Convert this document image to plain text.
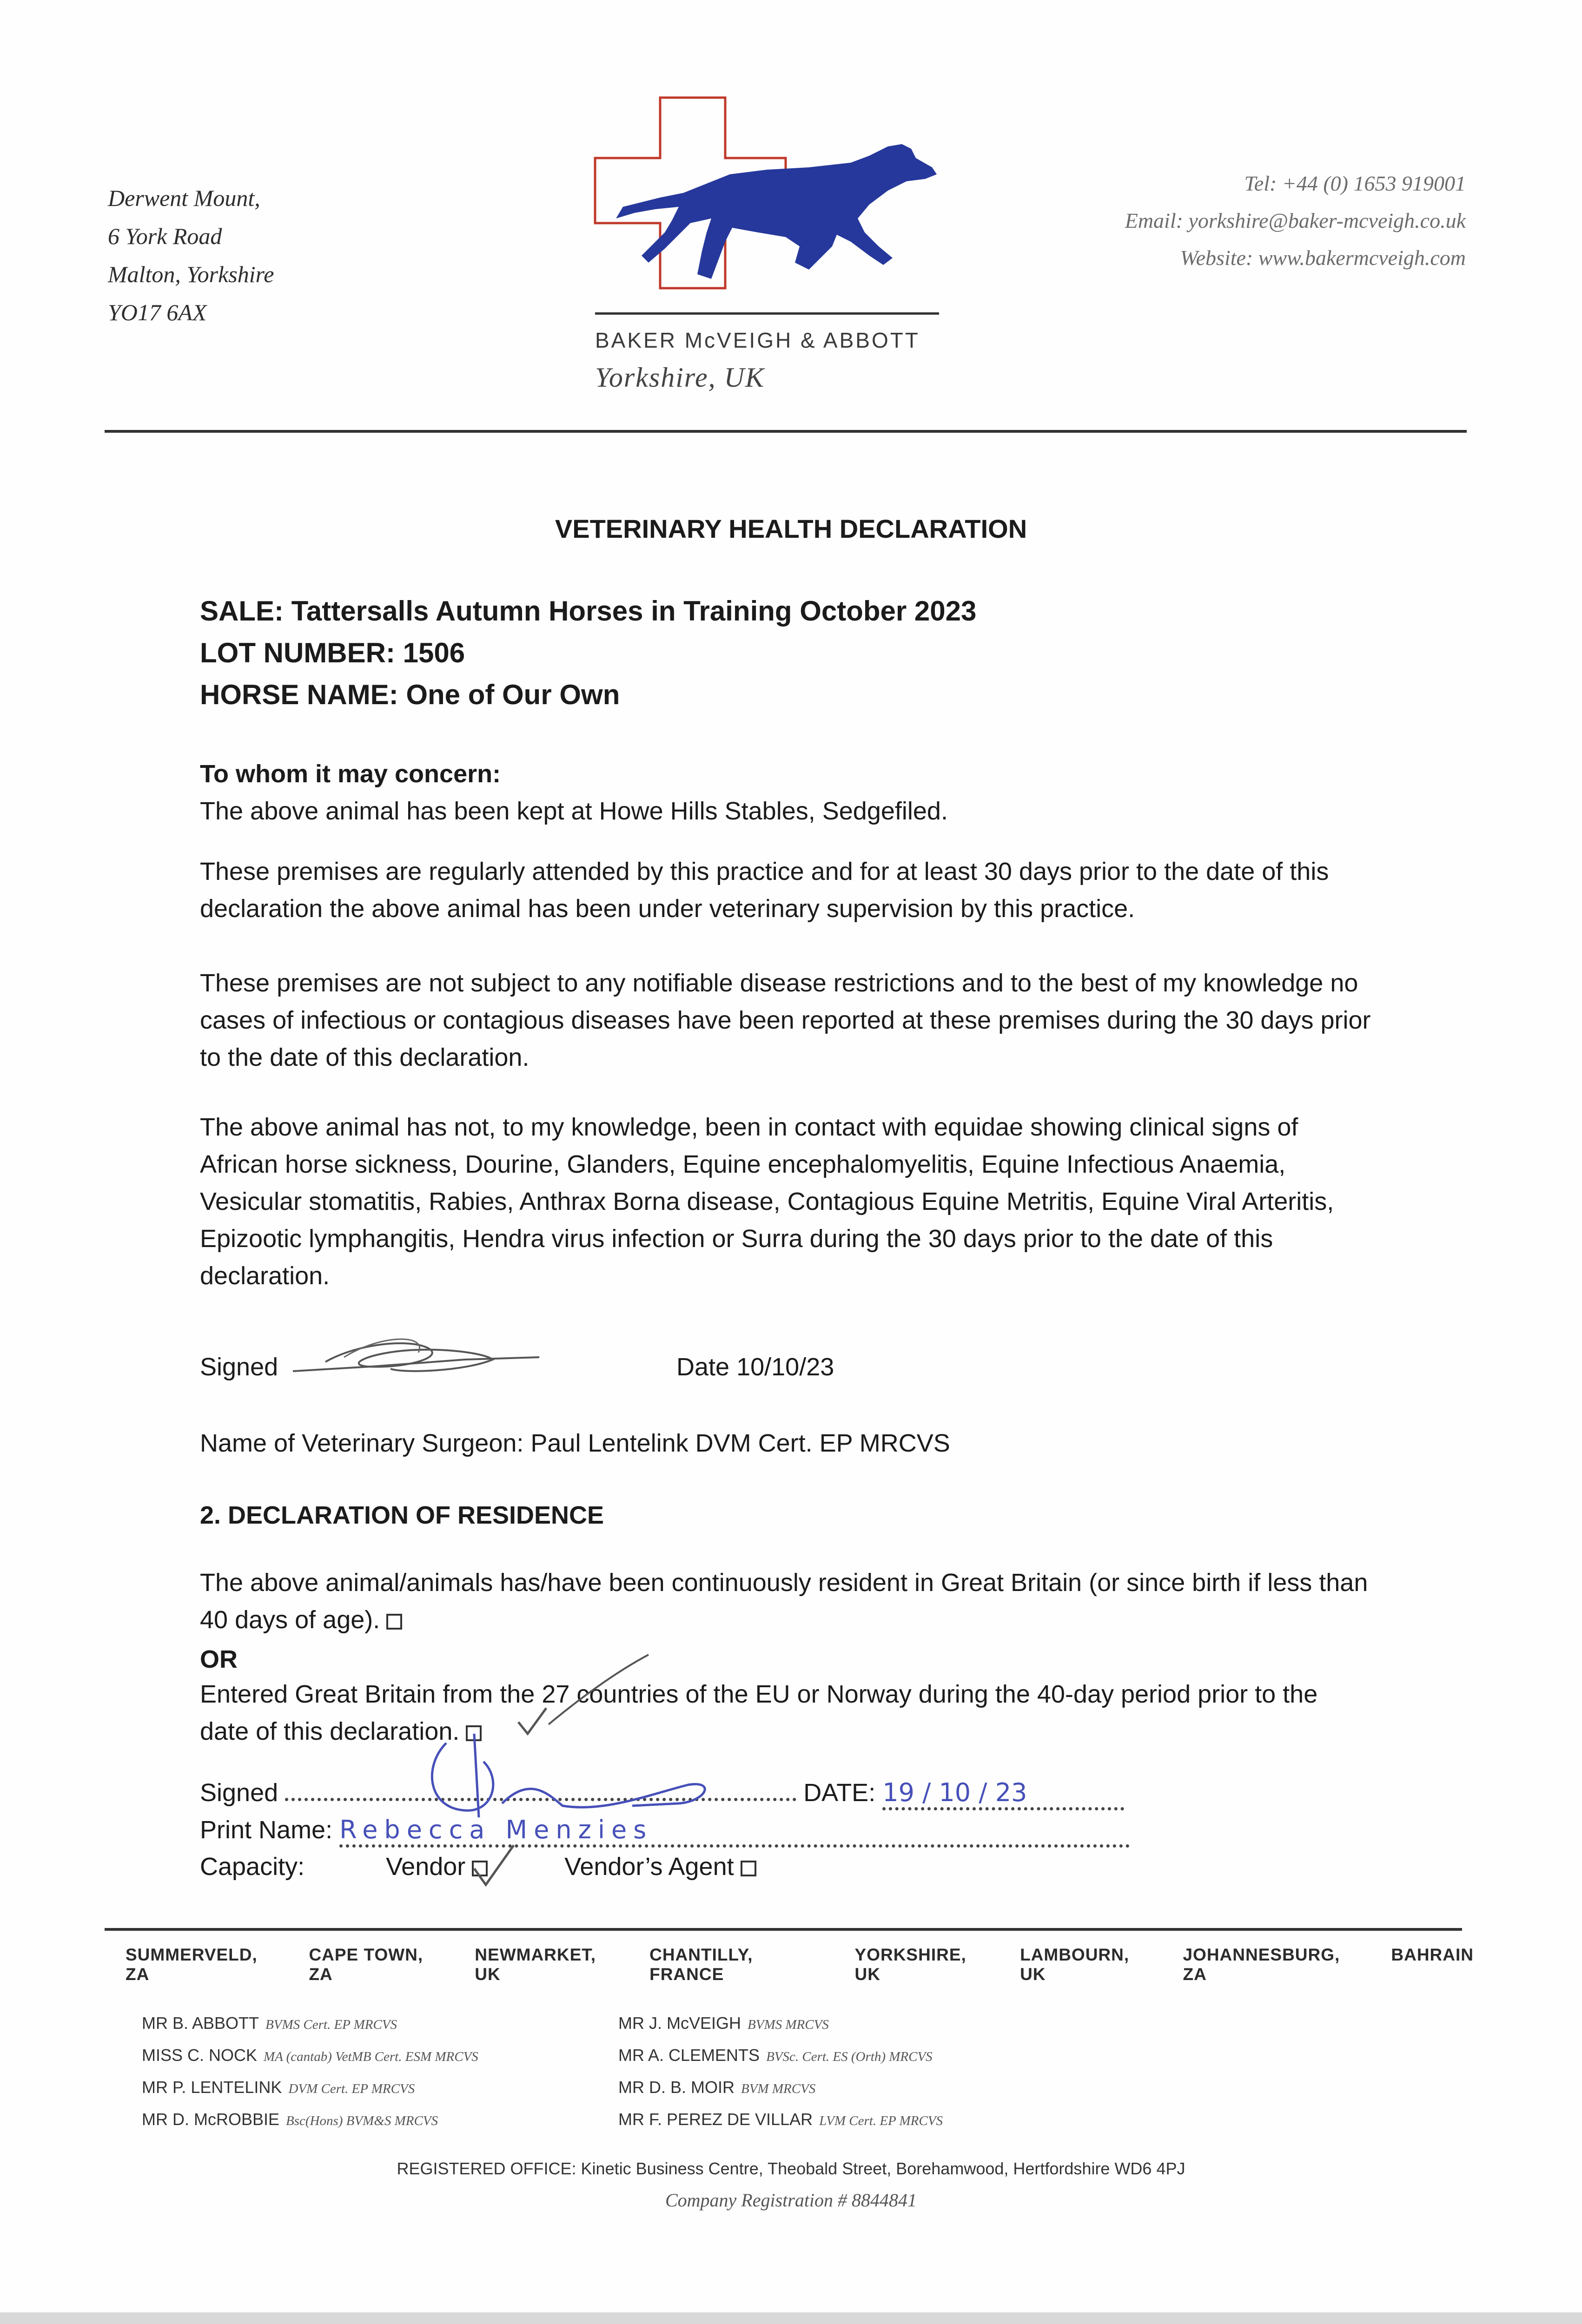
Derwent Mount,
6 York Road
Malton, Yorkshire
YO17 6AX
BAKER McVEIGH & ABBOTT
Yorkshire, UK
Tel: +44 (0) 1653 919001
Email: yorkshire@baker-mcveigh.co.uk
Website: www.bakermcveigh.com
VETERINARY HEALTH DECLARATION
SALE: Tattersalls Autumn Horses in Training October 2023
LOT NUMBER: 1506
HORSE NAME: One of Our Own
To whom it may concern:
The above animal has been kept at Howe Hills Stables, Sedgefiled.
These premises are regularly attended by this practice and for at least 30 days prior to the date of this declaration the above animal has been under veterinary supervision by this practice.
These premises are not subject to any notifiable disease restrictions and to the best of my knowledge no cases of infectious or contagious diseases have been reported at these premises during the 30 days prior to the date of this declaration.
The above animal has not, to my knowledge, been in contact with equidae showing clinical signs of African horse sickness, Dourine, Glanders, Equine encephalomyelitis, Equine Infectious Anaemia, Vesicular stomatitis, Rabies, Anthrax Borna disease, Contagious Equine Metritis, Equine Viral Arteritis, Epizootic lymphangitis, Hendra virus infection or Surra during the 30 days prior to the date of this declaration.
Signed	Date 10/10/23
Name of Veterinary Surgeon: Paul Lentelink DVM Cert. EP MRCVS
2. DECLARATION OF RESIDENCE
The above animal/animals has/have been continuously resident in Great Britain (or since birth if less than 40 days of age).
OR
Entered Great Britain from the 27 countries of the EU or Norway during the 40-day period prior to the date of this declaration.
Signed	DATE: 19 / 10 / 23
Print Name: Rebecca Menzies
Capacity:	Vendor	Vendor’s Agent
SUMMERVELD, ZA
CAPE TOWN, ZA
NEWMARKET, UK
CHANTILLY, FRANCE
YORKSHIRE, UK
LAMBOURN, UK
JOHANNESBURG, ZA
BAHRAIN
MR B. ABBOTT BVMS Cert. EP MRCVS
MISS C. NOCK MA (cantab) VetMB Cert. ESM MRCVS
MR P. LENTELINK DVM Cert. EP MRCVS
MR D. McROBBIE Bsc(Hons) BVM&S MRCVS
MR J. McVEIGH BVMS MRCVS
MR A. CLEMENTS BVSc. Cert. ES (Orth) MRCVS
MR D. B. MOIR BVM MRCVS
MR F. PEREZ DE VILLAR LVM Cert. EP MRCVS
REGISTERED OFFICE: Kinetic Business Centre, Theobald Street, Borehamwood, Hertfordshire WD6 4PJ
Company Registration # 8844841
